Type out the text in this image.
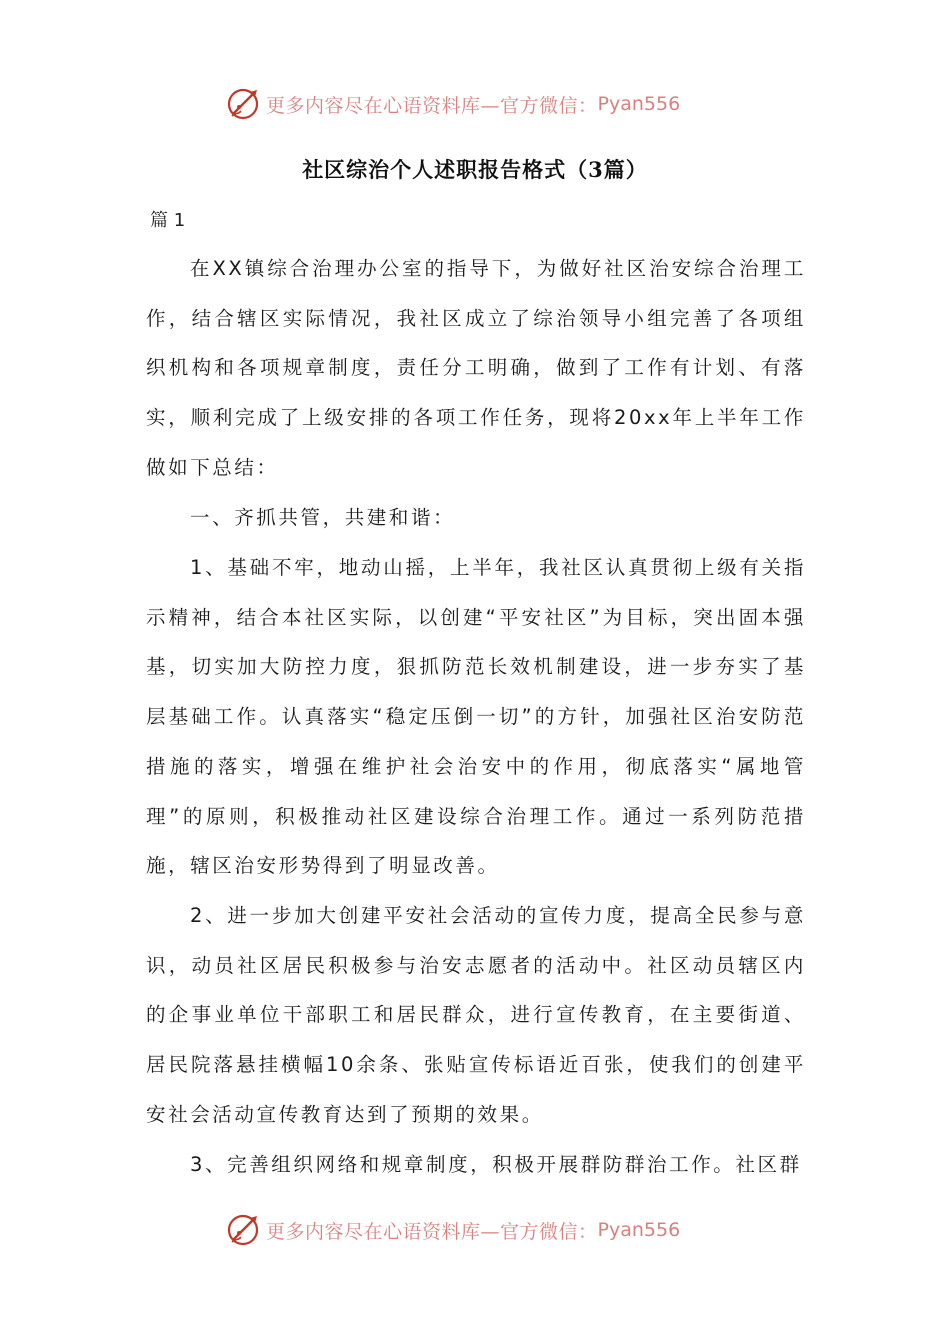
更多内容尽在心语资料库—官方微信： Pyan556
社区综治个人述职报告格式（3篇）
篇 1
在XX镇综合治理办公室的指导下，为做好社区治安综合治理工作，结合辖区实际情况，我社区成立了综治领导小组完善了各项组织机构和各项规章制度，责任分工明确，做到了工作有计划、有落实，顺利完成了上级安排的各项工作任务，现将20xx年上半年工作做如下总结：
一、齐抓共管，共建和谐：
1、基础不牢，地动山摇，上半年，我社区认真贯彻上级有关指示精神，结合本社区实际，以创建“平安社区”为目标，突出固本强基，切实加大防控力度，狠抓防范长效机制建设，进一步夯实了基层基础工作。认真落实“稳定压倒一切”的方针，加强社区治安防范措施的落实，增强在维护社会治安中的作用，彻底落实“属地管理”的原则，积极推动社区建设综合治理工作。通过一系列防范措施，辖区治安形势得到了明显改善。
2、进一步加大创建平安社会活动的宣传力度，提高全民参与意识，动员社区居民积极参与治安志愿者的活动中。社区动员辖区内的企事业单位干部职工和居民群众，进行宣传教育，在主要街道、居民院落悬挂横幅10余条、张贴宣传标语近百张，使我们的创建平安社会活动宣传教育达到了预期的效果。
3、完善组织网络和规章制度，积极开展群防群治工作。社区群
更多内容尽在心语资料库—官方微信： Pyan556
